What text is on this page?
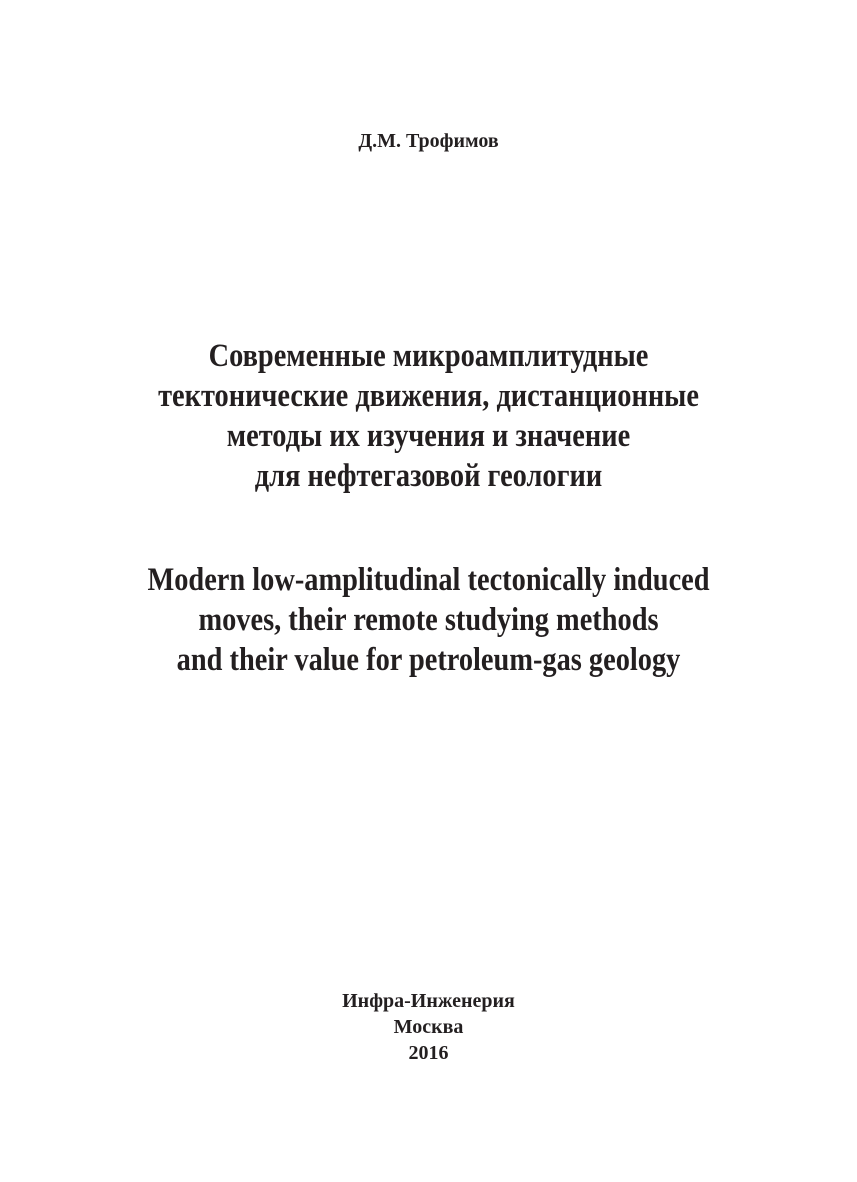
Д.М. Трофимов
Современные микроамплитудные
тектонические движения, дистанционные
методы их изучения и значение
для нефтегазовой геологии
Modern low-amplitudinal tectonically induced
moves, their remote studying methods
and their value for petroleum-gas geology
Инфра-Инженерия
Москва
2016
